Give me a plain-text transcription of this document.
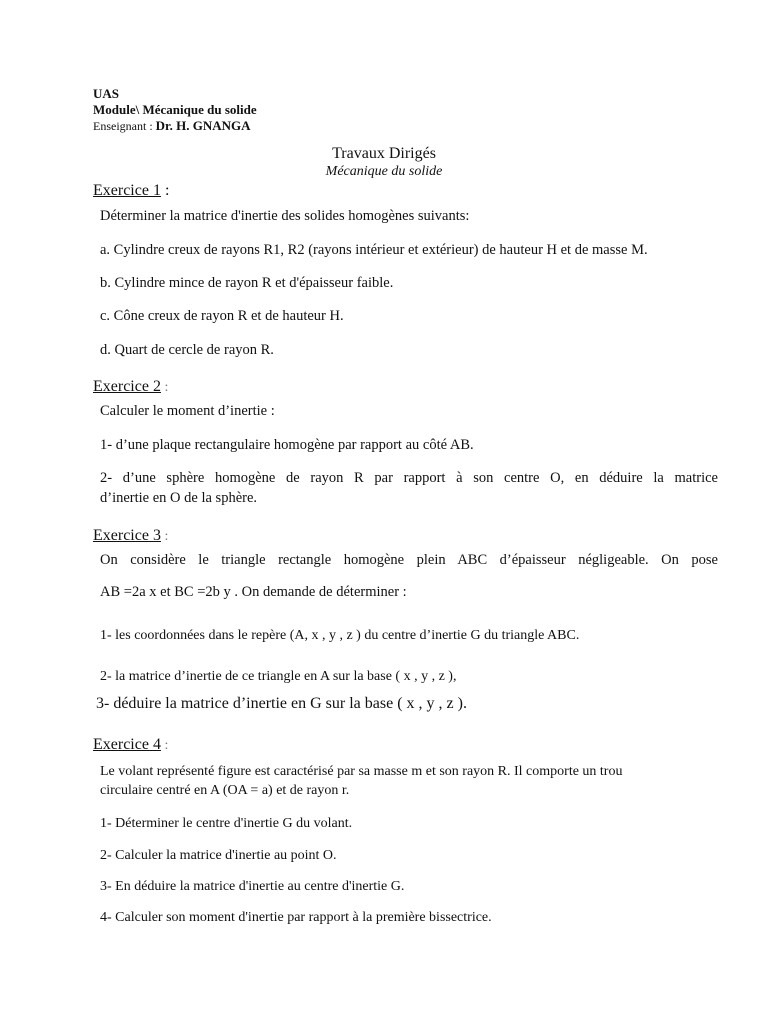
UAS
Module\ Mécanique du solide
Enseignant : Dr. H. GNANGA
Travaux Dirigés
Mécanique du solide
Exercice 1 :
Déterminer la matrice d'inertie des solides homogènes suivants:
a. Cylindre creux de rayons R1, R2 (rayons intérieur et extérieur) de hauteur H et de masse M.
b. Cylindre mince de rayon R et d'épaisseur faible.
c. Cône creux de rayon R et de hauteur H.
d. Quart de cercle de rayon R.
Exercice 2 :
Calculer le moment d’inertie :
1- d’une plaque rectangulaire homogène par rapport au côté AB.
2- d’une sphère homogène de rayon R par rapport à son centre O, en déduire la matrice
d’inertie en O de la sphère.
Exercice 3 :
On considère le triangle rectangle homogène plein ABC d’épaisseur négligeable. On pose
AB =2a x et BC =2b y . On demande de déterminer :
1- les coordonnées dans le repère (A, x , y , z ) du centre d’inertie G du triangle ABC.
2- la matrice d’inertie de ce triangle en A sur la base ( x , y , z ),
3- déduire la matrice d’inertie en G sur la base ( x , y , z ).
Exercice 4 :
Le volant représenté figure est caractérisé par sa masse m et son rayon R. Il comporte un trou
circulaire centré en A (OA = a) et de rayon r.
1- Déterminer le centre d'inertie G du volant.
2- Calculer la matrice d'inertie au point O.
3- En déduire la matrice d'inertie au centre d'inertie G.
4- Calculer son moment d'inertie par rapport à la première bissectrice.
